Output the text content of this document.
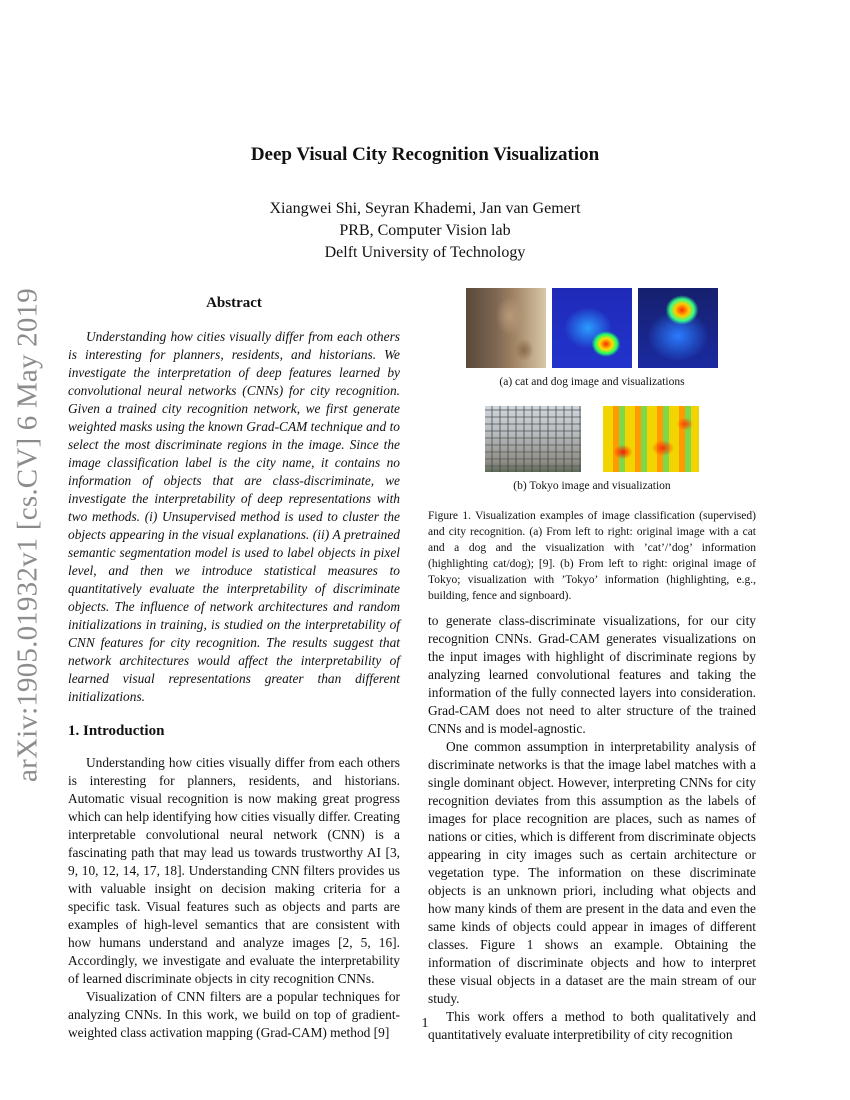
arXiv:1905.01932v1 [cs.CV] 6 May 2019
Deep Visual City Recognition Visualization
Xiangwei Shi, Seyran Khademi, Jan van Gemert
PRB, Computer Vision lab
Delft University of Technology
Abstract

Understanding how cities visually differ from each others is interesting for planners, residents, and historians. We investigate the interpretation of deep features learned by convolutional neural networks (CNNs) for city recognition. Given a trained city recognition network, we first generate weighted masks using the known Grad-CAM technique and to select the most discriminate regions in the image. Since the image classification label is the city name, it contains no information of objects that are class-discriminate, we investigate the interpretability of deep representations with two methods. (i) Unsupervised method is used to cluster the objects appearing in the visual explanations. (ii) A pretrained semantic segmentation model is used to label objects in pixel level, and then we introduce statistical measures to quantitatively evaluate the interpretability of discriminate objects. The influence of network architectures and random initializations in training, is studied on the interpretability of CNN features for city recognition. The results suggest that network architectures would affect the interpretability of learned visual representations greater than different initializations.

1. Introduction

Understanding how cities visually differ from each others is interesting for planners, residents, and historians. Automatic visual recognition is now making great progress which can help identifying how cities visually differ. Creating interpretable convolutional neural network (CNN) is a fascinating path that may lead us towards trustworthy AI [3, 9, 10, 12, 14, 17, 18]. Understanding CNN filters provides us with valuable insight on decision making criteria for a specific task. Visual features such as objects and parts are examples of high-level semantics that are consistent with how humans understand and analyze images [2, 5, 16]. Accordingly, we investigate and evaluate the interpretability of learned discriminate objects in city recognition CNNs.

Visualization of CNN filters are a popular techniques for analyzing CNNs. In this work, we build on top of gradient-weighted class activation mapping (Grad-CAM) method [9]

(a) cat and dog image and visualizations

(b) Tokyo image and visualization

Figure 1. Visualization examples of image classification (supervised) and city recognition. (a) From left to right: original image with a cat and a dog and the visualization with ’cat’/’dog’ information (highlighting cat/dog); [9]. (b) From left to right: original image of Tokyo; visualization with ’Tokyo’ information (highlighting, e.g., building, fence and signboard).

to generate class-discriminate visualizations, for our city recognition CNNs. Grad-CAM generates visualizations on the input images with highlight of discriminate regions by analyzing learned convolutional features and taking the information of the fully connected layers into consideration. Grad-CAM does not need to alter structure of the trained CNNs and is model-agnostic.

One common assumption in interpretability analysis of discriminate networks is that the image label matches with a single dominant object. However, interpreting CNNs for city recognition deviates from this assumption as the labels of images for place recognition are places, such as names of nations or cities, which is different from discriminate objects appearing in city images such as certain architecture or vegetation type. The information on these discriminate objects is an unknown priori, including what objects and how many kinds of them are present in the data and even the same kinds of objects could appear in images of different classes. Figure 1 shows an example. Obtaining the information of discriminate objects and how to interpret these visual objects in a dataset are the main stream of our study.

This work offers a method to both qualitatively and quantitatively evaluate interpretibility of city recognition

1
